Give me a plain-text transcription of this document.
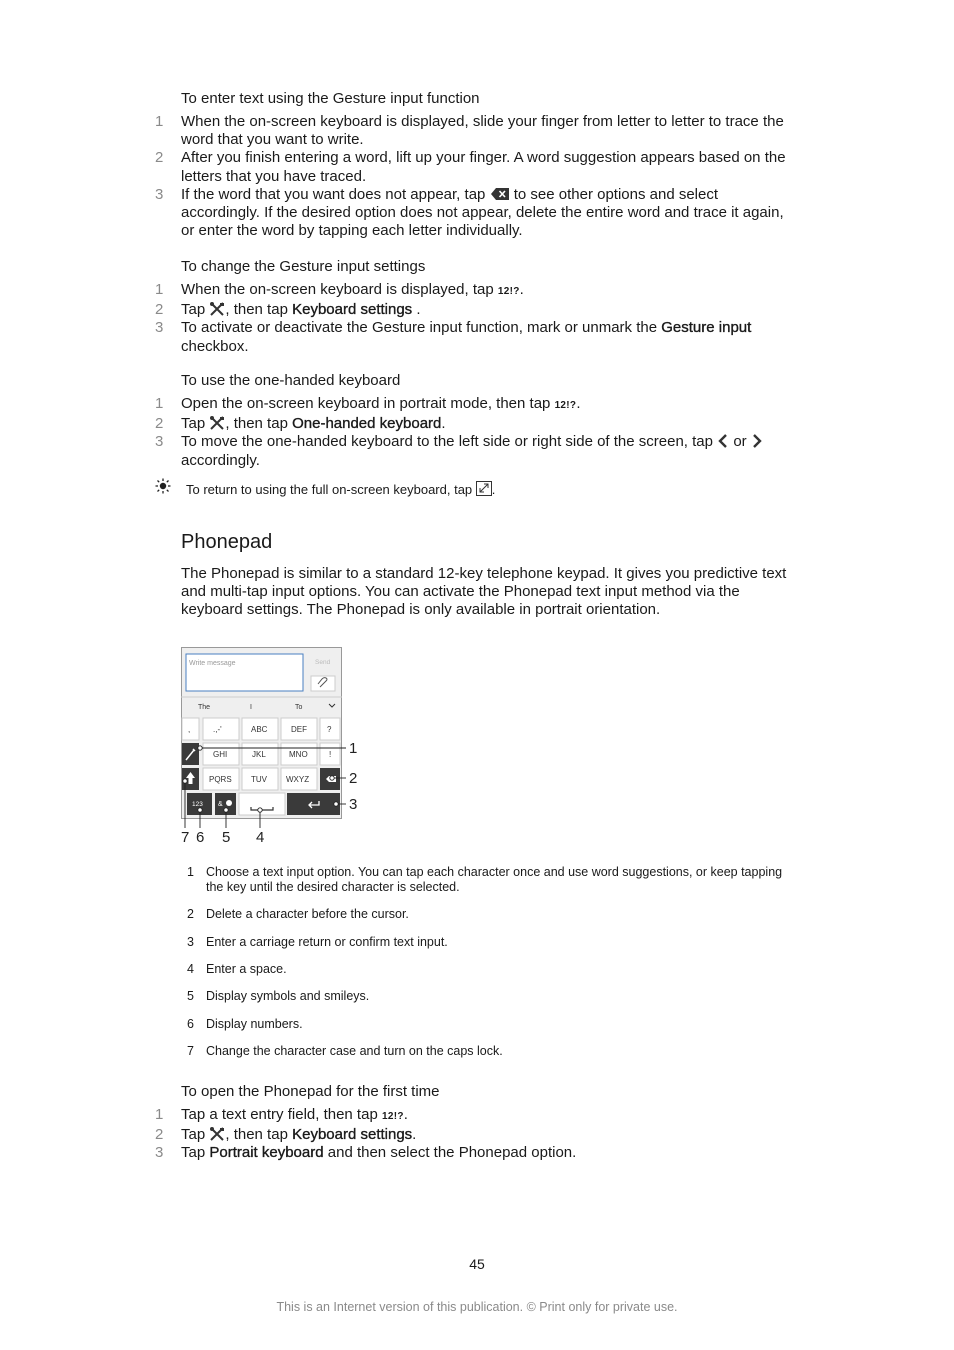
To enter text using the Gesture input function
1 When the on-screen keyboard is displayed, slide your finger from letter to letter to trace the word that you want to write.
2 After you finish entering a word, lift up your finger. A word suggestion appears based on the letters that you have traced.
3 If the word that you want does not appear, tap to see other options and select accordingly. If the desired option does not appear, delete the entire word and trace it again, or enter the word by tapping each letter individually.
To change the Gesture input settings
1 When the on-screen keyboard is displayed, tap 12!?.
2 Tap , then tap Keyboard settings .
3 To activate or deactivate the Gesture input function, mark or unmark the Gesture input checkbox.
To use the one-handed keyboard
1 Open the on-screen keyboard in portrait mode, then tap 12!?.
2 Tap , then tap One-handed keyboard.
3 To move the one-handed keyboard to the left side or right side of the screen, tap or  accordingly.
To return to using the full on-screen keyboard, tap .
Phonepad
The Phonepad is similar to a standard 12-key telephone keypad. It gives you predictive text and multi-tap input options. You can activate the Phonepad text input method via the keyboard settings. The Phonepad is only available in portrait orientation.
Write message	Send
The	I	To
,	.,-'	ABC	DEF	?
GHI	JKL	MNO	!
PQRS TUV WXYZ
123 &
1
2
3
7 6 5 4
1 Choose a text input option. You can tap each character once and use word suggestions, or keep tapping the key until the desired character is selected.
2 Delete a character before the cursor.
3 Enter a carriage return or confirm text input.
4 Enter a space.
5 Display symbols and smileys.
6 Display numbers.
7 Change the character case and turn on the caps lock.
To open the Phonepad for the first time
1 Tap a text entry field, then tap 12!?.
2 Tap , then tap Keyboard settings.
3 Tap Portrait keyboard and then select the Phonepad option.
45
This is an Internet version of this publication. © Print only for private use.
